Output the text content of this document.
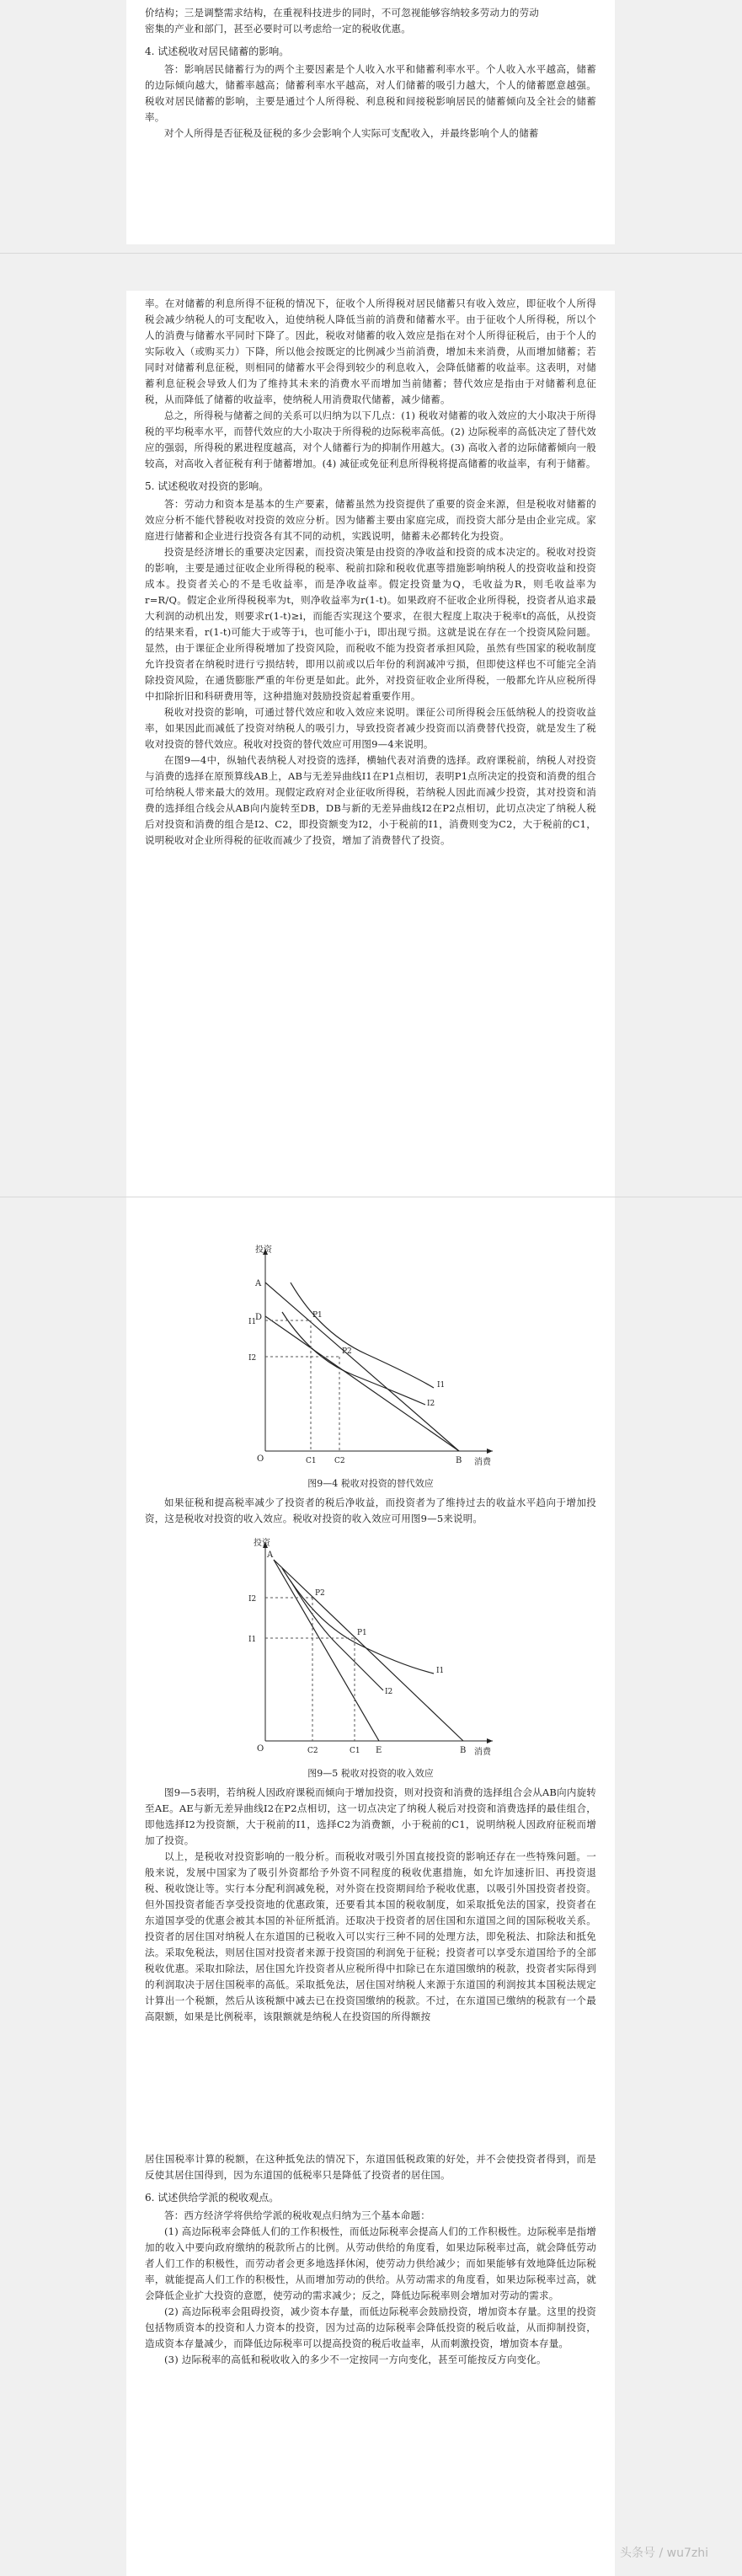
价结构；三是调整需求结构，在重视科技进步的同时，不可忽视能够容纳较多劳动力的劳动

密集的产业和部门，甚至必要时可以考虑给一定的税收优惠。

4. 试述税收对居民储蓄的影响。

答：影响居民储蓄行为的两个主要因素是个人收入水平和储蓄利率水平。个人收入水平越高，储蓄的边际倾向越大，储蓄率越高；储蓄利率水平越高，对人们储蓄的吸引力越大，个人的储蓄愿意越强。税收对居民储蓄的影响，主要是通过个人所得税、利息税和间接税影响居民的储蓄倾向及全社会的储蓄率。

对个人所得是否征税及征税的多少会影响个人实际可支配收入，并最终影响个人的储蓄

率。在对储蓄的利息所得不征税的情况下，征收个人所得税对居民储蓄只有收入效应，即征收个人所得税会减少纳税人的可支配收入，迫使纳税人降低当前的消费和储蓄水平。由于征收个人所得税，所以个人的消费与储蓄水平同时下降了。因此，税收对储蓄的收入效应是指在对个人所得征税后，由于个人的实际收入（或购买力）下降，所以他会按既定的比例减少当前消费，增加未来消费，从而增加储蓄；若同时对储蓄利息征税，则相同的储蓄水平会得到较少的利息收入，会降低储蓄的收益率。这表明，对储蓄利息征税会导致人们为了维持其未来的消费水平而增加当前储蓄；替代效应是指由于对储蓄利息征税，从而降低了储蓄的收益率，使纳税人用消费取代储蓄，减少储蓄。

总之，所得税与储蓄之间的关系可以归纳为以下几点：(1) 税收对储蓄的收入效应的大小取决于所得税的平均税率水平，而替代效应的大小取决于所得税的边际税率高低。(2) 边际税率的高低决定了替代效应的强弱，所得税的累进程度越高，对个人储蓄行为的抑制作用越大。(3) 高收入者的边际储蓄倾向一般较高，对高收入者征税有利于储蓄增加。(4) 减征或免征利息所得税将提高储蓄的收益率，有利于储蓄。

5. 试述税收对投资的影响。

答：劳动力和资本是基本的生产要素，储蓄虽然为投资提供了重要的资金来源，但是税收对储蓄的效应分析不能代替税收对投资的效应分析。因为储蓄主要由家庭完成，而投资大部分是由企业完成。家庭进行储蓄和企业进行投资各有其不同的动机，实践说明，储蓄未必都转化为投资。

投资是经济增长的重要决定因素，而投资决策是由投资的净收益和投资的成本决定的。税收对投资的影响，主要是通过征收企业所得税的税率、税前扣除和税收优惠等措施影响纳税人的投资收益和投资成本。投资者关心的不是毛收益率，而是净收益率。假定投资量为Q，毛收益为R，则毛收益率为r=R/Q。假定企业所得税税率为t，则净收益率为r(1-t)。如果政府不征收企业所得税，投资者从追求最大利润的动机出发，则要求r(1-t)≥i，而能否实现这个要求，在很大程度上取决于税率t的高低，从投资的结果来看，r(1-t)可能大于或等于i，也可能小于i，即出现亏损。这就是说在存在一个投资风险问题。显然，由于课征企业所得税增加了投资风险，而税收不能为投资者承担风险，虽然有些国家的税收制度允许投资者在纳税时进行亏损结转，即用以前或以后年份的利润减冲亏损，但即使这样也不可能完全消除投资风险，在通货膨胀严重的年份更是如此。此外，对投资征收企业所得税，一般都允许从应税所得中扣除折旧和科研费用等，这种措施对鼓励投资起着重要作用。

税收对投资的影响，可通过替代效应和收入效应来说明。课征公司所得税会压低纳税人的投资收益率，如果因此而减低了投资对纳税人的吸引力，导致投资者减少投资而以消费替代投资，就是发生了税收对投资的替代效应。税收对投资的替代效应可用图9—4来说明。

在图9—4中，纵轴代表纳税人对投资的选择，横轴代表对消费的选择。政府课税前，纳税人对投资与消费的选择在原预算线AB上，AB与无差异曲线I1在P1点相切，表明P1点所决定的投资和消费的组合可给纳税人带来最大的效用。现假定政府对企业征收所得税，若纳税人因此而减少投资，其对投资和消费的选择组合线会从AB向内旋转至DB，DB与新的无差异曲线I2在P2点相切，此切点决定了纳税人税后对投资和消费的组合是I2、C2，即投资额变为I2，小于税前的I1，消费则变为C2，大于税前的C1，说明税收对企业所得税的征收而减少了投资，增加了消费替代了投资。

投资
消费
O
A
D
I1
I2
P1
P2
I1
I2
C1 C2	B

图9—4 税收对投资的替代效应

如果征税和提高税率减少了投资者的税后净收益，而投资者为了维持过去的收益水平趋向于增加投资，这是税收对投资的收入效应。税收对投资的收入效应可用图9—5来说明。

投资
消费
O
A
I2
I1
P2
P1
I1
I2
C2	C1 E	B

图9—5 税收对投资的收入效应

图9—5表明，若纳税人因政府课税而倾向于增加投资，则对投资和消费的选择组合会从AB向内旋转至AE。AE与新无差异曲线I2在P2点相切，这一切点决定了纳税人税后对投资和消费选择的最佳组合，即他选择I2为投资额，大于税前的I1，选择C2为消费额，小于税前的C1，说明纳税人因政府征税而增加了投资。

以上，是税收对投资影响的一般分析。而税收对吸引外国直接投资的影响还存在一些特殊问题。一般来说，发展中国家为了吸引外资都给予外资不同程度的税收优惠措施，如允许加速折旧、再投资退税、税收饶让等。实行本分配利润减免税，对外资在投资期间给予税收优惠，以吸引外国投资者投资。但外国投资者能否享受投资地的优惠政策，还要看其本国的税收制度，如采取抵免法的国家，投资者在东道国享受的优惠会被其本国的补征所抵消。还取决于投资者的居住国和东道国之间的国际税收关系。投资者的居住国对纳税人在东道国的已税收入可以实行三种不同的处理方法，即免税法、扣除法和抵免法。采取免税法，则居住国对投资者来源于投资国的利润免于征税；投资者可以享受东道国给予的全部税收优惠。采取扣除法，居住国允许投资者从应税所得中扣除已在东道国缴纳的税款，投资者实际得到的利润取决于居住国税率的高低。采取抵免法，居住国对纳税人来源于东道国的利润按其本国税法规定计算出一个税额，然后从该税额中减去已在投资国缴纳的税款。不过，在东道国已缴纳的税款有一个最高限额，如果是比例税率，该限额就是纳税人在投资国的所得额按

居住国税率计算的税额，在这种抵免法的情况下，东道国低税政策的好处，并不会使投资者得到，而是反使其居住国得到，因为东道国的低税率只是降低了投资者的居住国。

6. 试述供给学派的税收观点。

答：西方经济学将供给学派的税收观点归纳为三个基本命题：

(1) 高边际税率会降低人们的工作积极性，而低边际税率会提高人们的工作积极性。边际税率是指增加的收入中要向政府缴纳的税款所占的比例。从劳动供给的角度看，如果边际税率过高，就会降低劳动者人们工作的积极性，而劳动者会更多地选择休闲，使劳动力供给减少；而如果能够有效地降低边际税率，就能提高人们工作的积极性，从而增加劳动的供给。从劳动需求的角度看，如果边际税率过高，就会降低企业扩大投资的意愿，使劳动的需求减少；反之，降低边际税率则会增加对劳动的需求。

(2) 高边际税率会阻碍投资，减少资本存量，而低边际税率会鼓励投资，增加资本存量。这里的投资包括物质资本的投资和人力资本的投资，因为过高的边际税率会降低投资的税后收益，从而抑制投资，造成资本存量减少，而降低边际税率可以提高投资的税后收益率，从而刺激投资，增加资本存量。

(3) 边际税率的高低和税收收入的多少不一定按同一方向变化，甚至可能按反方向变化。

头条号 / wu7zhi
